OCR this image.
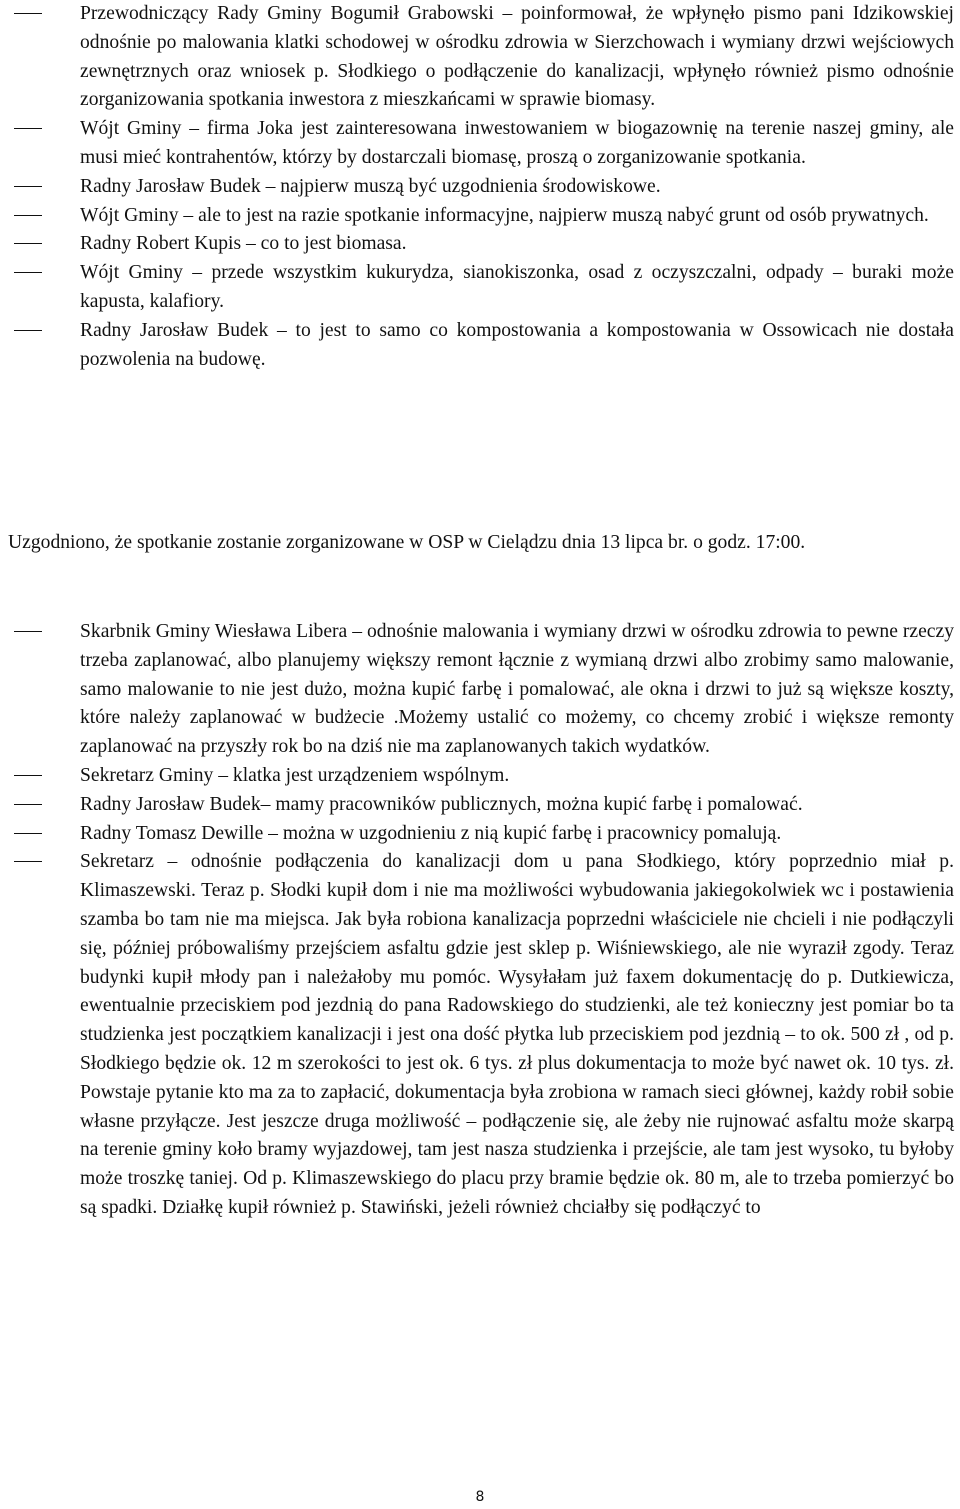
Przewodniczący Rady Gminy Bogumił Grabowski – poinformował, że wpłynęło pismo pani Idzikowskiej odnośnie po malowania klatki schodowej w ośrodku zdrowia w Sierzchowach i wymiany drzwi wejściowych zewnętrznych oraz wniosek p. Słodkiego o podłączenie do kanalizacji, wpłynęło również pismo odnośnie zorganizowania spotkania inwestora z mieszkańcami w sprawie biomasy.
Wójt Gminy – firma Joka jest zainteresowana inwestowaniem w biogazownię na terenie naszej gminy, ale musi mieć kontrahentów, którzy by dostarczali biomasę, proszą o zorganizowanie spotkania.
Radny Jarosław Budek – najpierw muszą być uzgodnienia środowiskowe.
Wójt Gminy – ale to jest na razie spotkanie informacyjne, najpierw muszą nabyć grunt od osób prywatnych.
Radny Robert Kupis – co to jest biomasa.
Wójt Gminy – przede wszystkim kukurydza, sianokiszonka, osad z oczyszczalni, odpady – buraki może kapusta, kalafiory.
Radny Jarosław Budek – to jest to samo co kompostowania a kompostowania w Ossowicach nie dostała pozwolenia na budowę.

Uzgodniono, że spotkanie zostanie zorganizowane w OSP w Cielądzu dnia 13 lipca br. o godz. 17:00.

Skarbnik Gminy Wiesława Libera – odnośnie malowania i wymiany drzwi w ośrodku zdrowia to pewne rzeczy trzeba zaplanować, albo planujemy większy remont łącznie z wymianą drzwi albo zrobimy samo malowanie, samo malowanie to nie jest dużo, można kupić farbę i pomalować, ale okna i drzwi to już są większe koszty, które należy zaplanować w budżecie .Możemy ustalić co możemy, co chcemy zrobić i większe remonty zaplanować na przyszły rok bo na dziś nie ma zaplanowanych takich wydatków.
Sekretarz Gminy – klatka jest urządzeniem wspólnym.
Radny Jarosław Budek– mamy pracowników publicznych, można kupić farbę i pomalować.
Radny Tomasz Dewille – można w uzgodnieniu z nią kupić farbę i pracownicy pomalują.
Sekretarz – odnośnie podłączenia do kanalizacji dom u pana Słodkiego, który poprzednio miał p. Klimaszewski. Teraz p. Słodki kupił dom i nie ma możliwości wybudowania jakiegokolwiek wc i postawienia szamba bo tam nie ma miejsca. Jak była robiona kanalizacja poprzedni właściciele nie chcieli i nie podłączyli się, później próbowaliśmy przejściem asfaltu gdzie jest sklep p. Wiśniewskiego, ale nie wyraził zgody. Teraz budynki kupił młody pan i należałoby mu pomóc. Wysyłałam już faxem dokumentację do p. Dutkiewicza, ewentualnie przeciskiem pod jezdnią do pana Radowskiego do studzienki, ale też konieczny jest pomiar bo ta studzienka jest początkiem kanalizacji i jest ona dość płytka lub przeciskiem pod jezdnią – to ok. 500 zł , od p. Słodkiego będzie ok. 12 m szerokości to jest ok. 6 tys. zł plus dokumentacja to może być nawet ok. 10 tys. zł. Powstaje pytanie kto ma za to zapłacić, dokumentacja była zrobiona w ramach sieci głównej, każdy robił sobie własne przyłącze. Jest jeszcze druga możliwość – podłączenie się, ale żeby nie rujnować asfaltu może skarpą na terenie gminy koło bramy wyjazdowej, tam jest nasza studzienka i przejście, ale tam jest wysoko, tu byłoby może troszkę taniej. Od p. Klimaszewskiego do placu przy bramie będzie ok. 80 m, ale to trzeba pomierzyć bo są spadki. Działkę kupił również p. Stawiński, jeżeli również chciałby się podłączyć to
8
